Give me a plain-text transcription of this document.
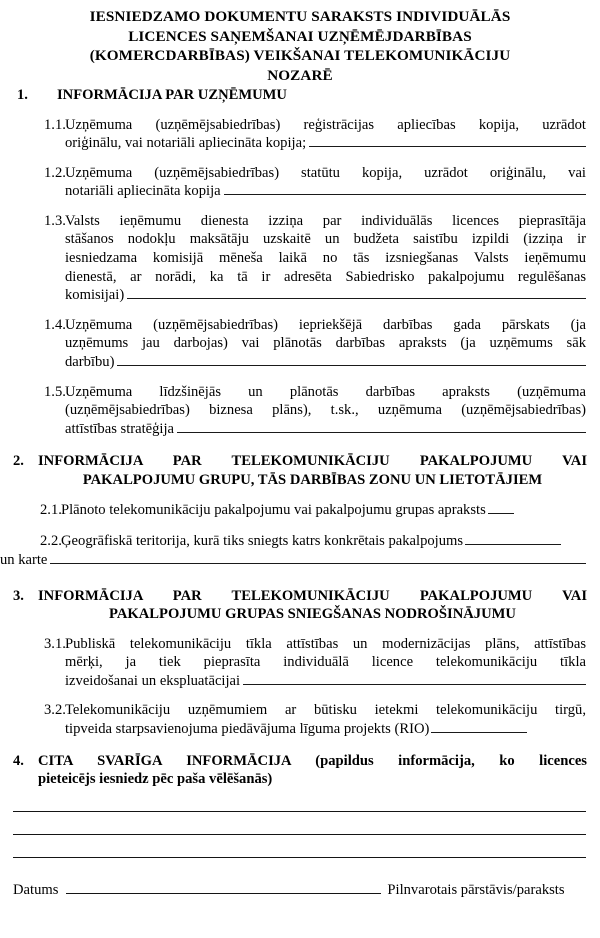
IESNIEDZAMO DOKUMENTU SARAKSTS INDIVIDUĀLĀS
LICENCES SAŅEMŠANAI UZŅĒMĒJDARBĪBAS
(KOMERCDARBĪBAS) VEIKŠANAI TELEKOMUNIKĀCIJU
NOZARĒ
1.	INFORMĀCIJA PAR UZŅĒMUMU
1.1. Uzņēmuma (uzņēmējsabiedrības) reģistrācijas apliecības kopija, uzrādot

oriģinālu, vai notariāli apliecināta kopija;

1.2. Uzņēmuma (uzņēmējsabiedrības) statūtu kopija, uzrādot oriģinālu, vai

notariāli apliecināta kopija

1.3. Valsts ieņēmumu dienesta izziņa par individuālās licences pieprasītāja

stāšanos nodokļu maksātāju uzskaitē un budžeta saistību izpildi (izziņa ir

iesniedzama komisijā mēneša laikā no tās izsniegšanas Valsts ieņēmumu

dienestā, ar norādi, ka tā ir adresēta Sabiedrisko pakalpojumu regulēšanas

komisijai)

1.4. Uzņēmuma (uzņēmējsabiedrības) iepriekšējā darbības gada pārskats (ja

uzņēmums jau darbojas) vai plānotās darbības apraksts (ja uzņēmums sāk

darbību)

1.5. Uzņēmuma līdzšinējās un plānotās darbības apraksts (uzņēmuma

(uzņēmējsabiedrības) biznesa plāns), t.sk., uzņēmuma (uzņēmējsabiedrības)

attīstības stratēģija

2. INFORMĀCIJA PAR TELEKOMUNIKĀCIJU PAKALPOJUMU VAI
PAKALPOJUMU GRUPU, TĀS DARBĪBAS ZONU UN LIETOTĀJIEM
2.1. Plānoto telekomunikāciju pakalpojumu vai pakalpojumu grupas apraksts

2.2. Ģeogrāfiskā teritorija, kurā tiks sniegts katrs konkrētais pakalpojums

un karte

3. INFORMĀCIJA PAR TELEKOMUNIKĀCIJU PAKALPOJUMU VAI
PAKALPOJUMU GRUPAS SNIEGŠANAS NODROŠINĀJUMU
3.1. Publiskā telekomunikāciju tīkla attīstības un modernizācijas plāns, attīstības

mērķi, ja tiek pieprasīta individuālā licence telekomunikāciju tīkla

izveidošanai un ekspluatācijai

3.2. Telekomunikāciju uzņēmumiem ar būtisku ietekmi telekomunikāciju tirgū,

tipveida starpsavienojuma piedāvājuma līguma projekts (RIO)

4. CITA SVARĪGA INFORMĀCIJA (papildus informācija, ko licences
pieteicējs iesniedz pēc paša vēlēšanās)
Datums	Pilnvarotais pārstāvis/paraksts
